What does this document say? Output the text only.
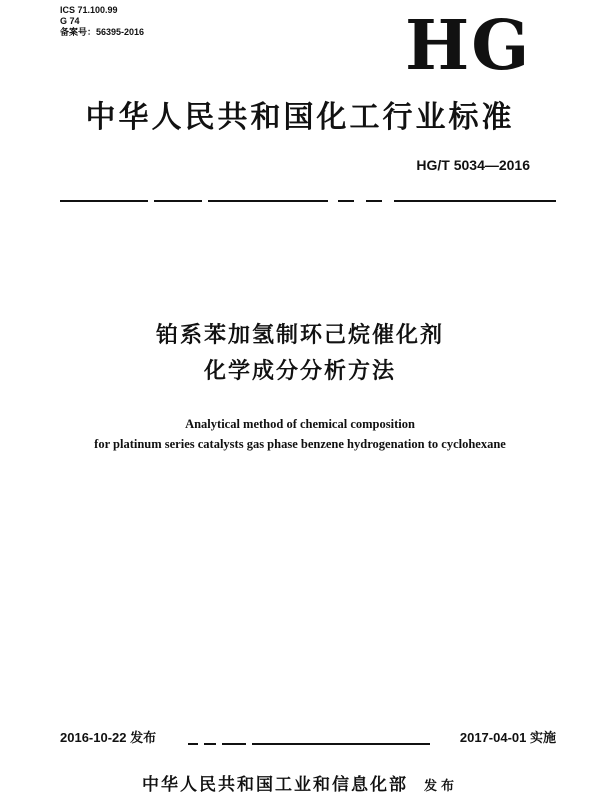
ICS 71.100.99
G 74
备案号：56395-2016	HG
中华人民共和国化工行业标准
HG/T 5034—2016
铂系苯加氢制环己烷催化剂
化学成分分析方法
Analytical method of chemical composition
for platinum series catalysts gas phase benzene hydrogenation to cyclohexane
2016-10-22 发布	2017-04-01 实施
中华人民共和国工业和信息化部 发布
